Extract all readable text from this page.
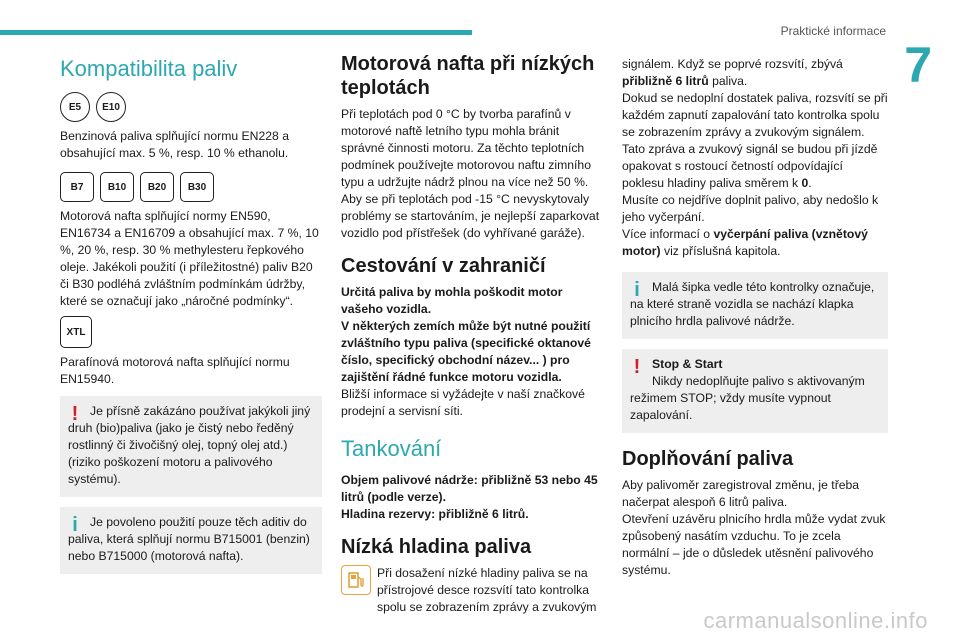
Praktické informace
7
Kompatibilita paliv
E5	E10

Benzinová paliva splňující normu EN228 a obsahující max. 5 %, resp. 10 % ethanolu.

B7	B10	B20	B30

Motorová nafta splňující normy EN590, EN16734 a EN16709 a obsahující max. 7 %, 10 %, 20 %, resp. 30 % methylesteru řepkového oleje. Jakékoli použití (i příležitostné) paliv B20 či B30 podléhá zvláštním podmínkám údržby, které se označují jako „náročné podmínky“.

XTL

Parafínová motorová nafta splňující normu EN15940.

! Je přísně zakázáno používat jakýkoli jiný druh (bio)paliva (jako je čistý nebo ředěný rostlinný či živočišný olej, topný olej atd.) (riziko poškození motoru a palivového systému).

i	Je povoleno použití pouze těch aditiv do paliva, která splňují normu B715001 (benzin) nebo B715000 (motorová nafta).

Motorová nafta při nízkých teplotách

Při teplotách pod 0 °C by tvorba parafínů v motorové naftě letního typu mohla bránit správné činnosti motoru. Za těchto teplotních podmínek používejte motorovou naftu zimního typu a udržujte nádrž plnou na více než 50 %.
Aby se při teplotách pod -15 °C nevyskytovaly problémy se startováním, je nejlepší zaparkovat vozidlo pod přístřešek (do vyhřívané garáže).

Cestování v zahraničí

Určitá paliva by mohla poškodit motor vašeho vozidla.
V některých zemích může být nutné použití zvláštního typu paliva (specifické oktanové číslo, specifický obchodní název... ) pro zajištění řádné funkce motoru vozidla.

Bližší informace si vyžádejte v naší značkové prodejní a servisní síti.

Tankování

Objem palivové nádrže: přibližně 53 nebo 45 litrů (podle verze).
Hladina rezervy: přibližně 6 litrů.

Nízká hladina paliva

Při dosažení nízké hladiny paliva se na přístrojové desce rozsvítí tato kontrolka spolu se zobrazením zprávy a zvukovým

signálem. Když se poprvé rozsvítí, zbývá
přibližně 6 litrů paliva.
Dokud se nedoplní dostatek paliva, rozsvítí se při každém zapnutí zapalování tato kontrolka spolu se zobrazením zprávy a zvukovým signálem. Tato zpráva a zvukový signál se budou při jízdě opakovat s rostoucí četností odpovídající poklesu hladiny paliva směrem k 0.
Musíte co nejdříve doplnit palivo, aby nedošlo k jeho vyčerpání.
Více informací o vyčerpání paliva (vznětový motor) viz příslušná kapitola.

i	Malá šipka vedle této kontrolky označuje, na které straně vozidla se nachází klapka plnicího hrdla palivové nádrže.

! Stop & Start

Nikdy nedoplňujte palivo s aktivovaným režimem STOP; vždy musíte vypnout zapalování.

Doplňování paliva

Aby palivoměr zaregistroval změnu, je třeba načerpat alespoň 6 litrů paliva.
Otevření uzávěru plnicího hrdla může vydat zvuk způsobený nasátím vzduchu. To je zcela normální – jde o důsledek utěsnění palivového systému.

carmanualsonline.info
